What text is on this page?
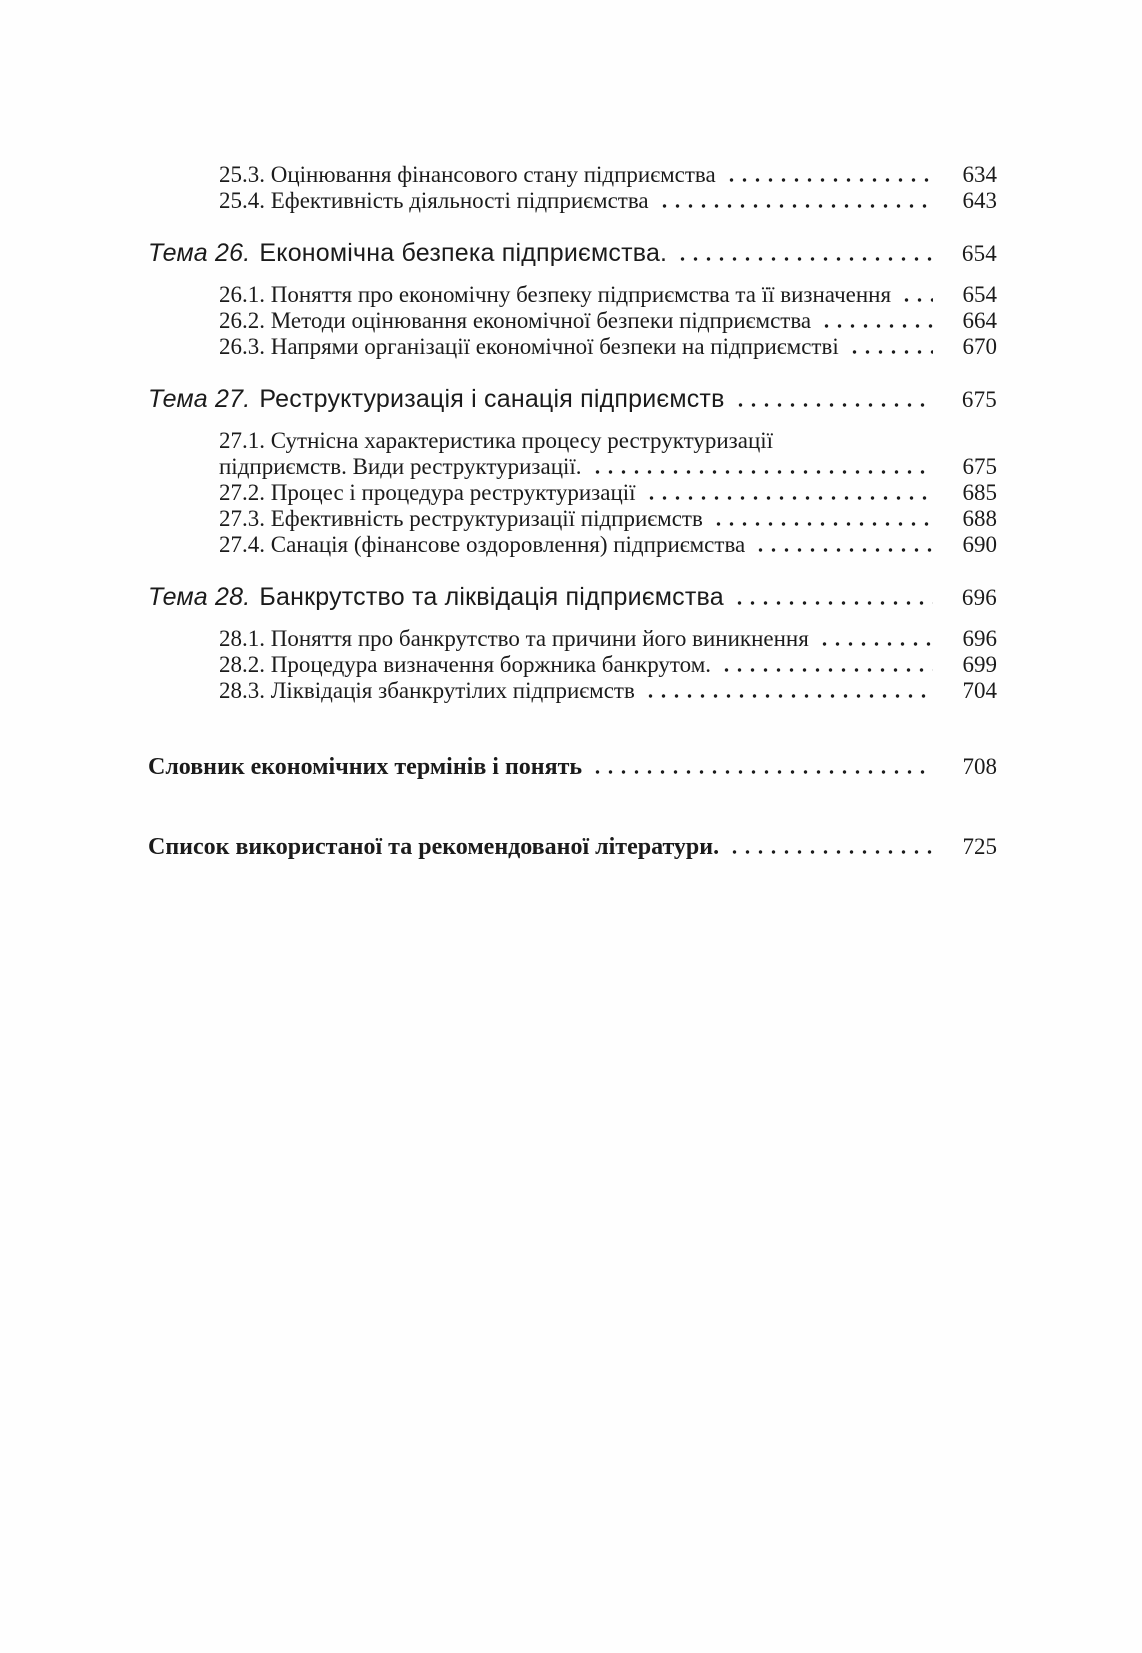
25.3. Оцінювання фінансового стану підприємства	634
25.4. Ефективність діяльності підприємства	643
Тема 26. Економічна безпека підприємства.	654
26.1. Поняття про економічну безпеку підприємства та її визначення	654
26.2. Методи оцінювання економічної безпеки підприємства	664
26.3. Напрями організації економічної безпеки на підприємстві	670
Тема 27. Реструктуризація і санація підприємств	675
27.1. Сутнісна характеристика процесу реструктуризації
підприємств. Види реструктуризації.	675
27.2. Процес і процедура реструктуризації	685
27.3. Ефективність реструктуризації підприємств	688
27.4. Санація (фінансове оздоровлення) підприємства	690
Тема 28. Банкрутство та ліквідація підприємства	696
28.1. Поняття про банкрутство та причини його виникнення	696
28.2. Процедура визначення боржника банкрутом.	699
28.3. Ліквідація збанкрутілих підприємств	704
Словник економічних термінів і понять	708
Список використаної та рекомендованої літератури.	725
